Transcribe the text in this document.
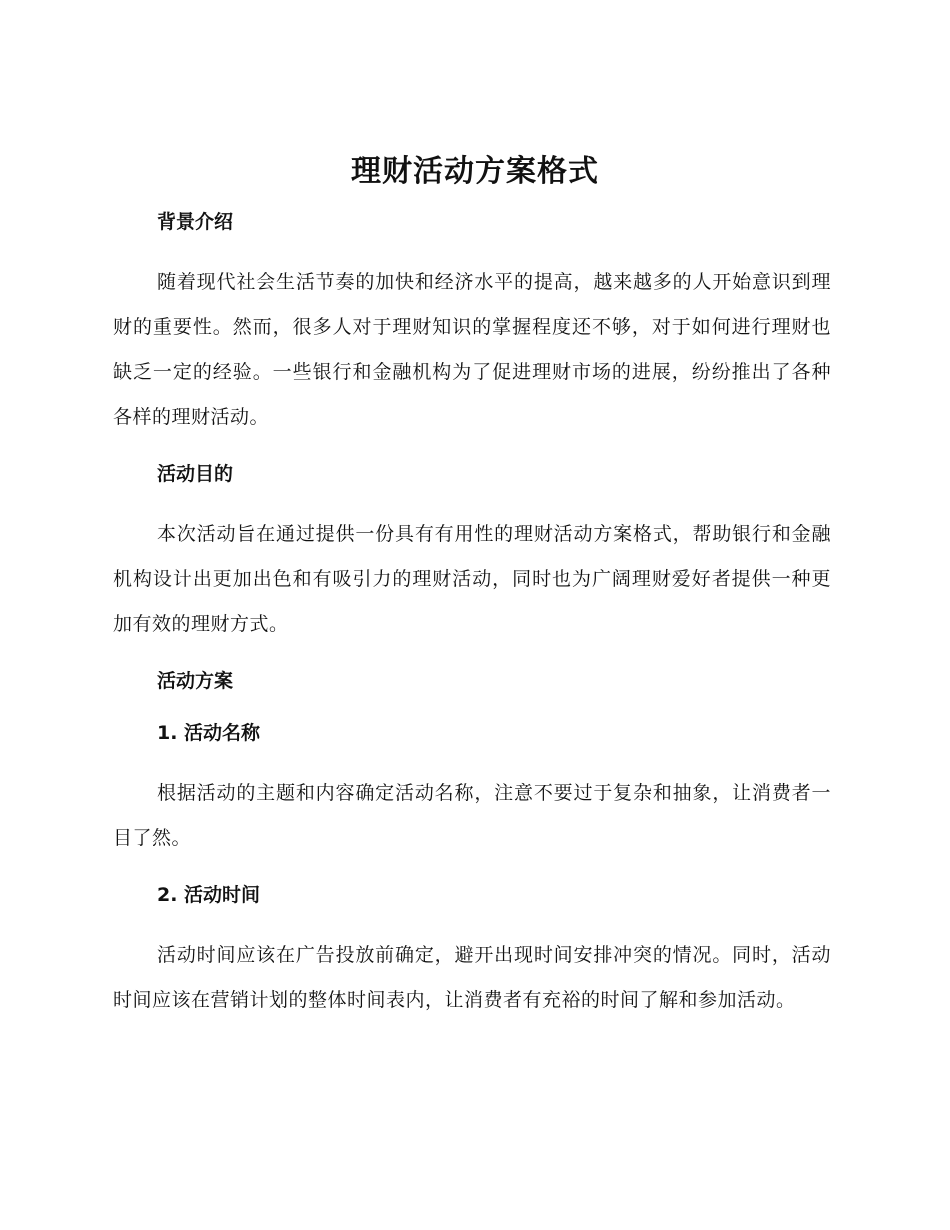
理财活动方案格式
背景介绍

随着现代社会生活节奏的加快和经济水平的提高，越来越多的人开始意识到理财的重要性。然而，很多人对于理财知识的掌握程度还不够，对于如何进行理财也缺乏一定的经验。一些银行和金融机构为了促进理财市场的进展，纷纷推出了各种各样的理财活动。

活动目的

本次活动旨在通过提供一份具有有用性的理财活动方案格式，帮助银行和金融机构设计出更加出色和有吸引力的理财活动，同时也为广阔理财爱好者提供一种更加有效的理财方式。

活动方案
1. 活动名称

根据活动的主题和内容确定活动名称，注意不要过于复杂和抽象，让消费者一目了然。

2. 活动时间

活动时间应该在广告投放前确定，避开出现时间安排冲突的情况。同时，活动时间应该在营销计划的整体时间表内，让消费者有充裕的时间了解和参加活动。
